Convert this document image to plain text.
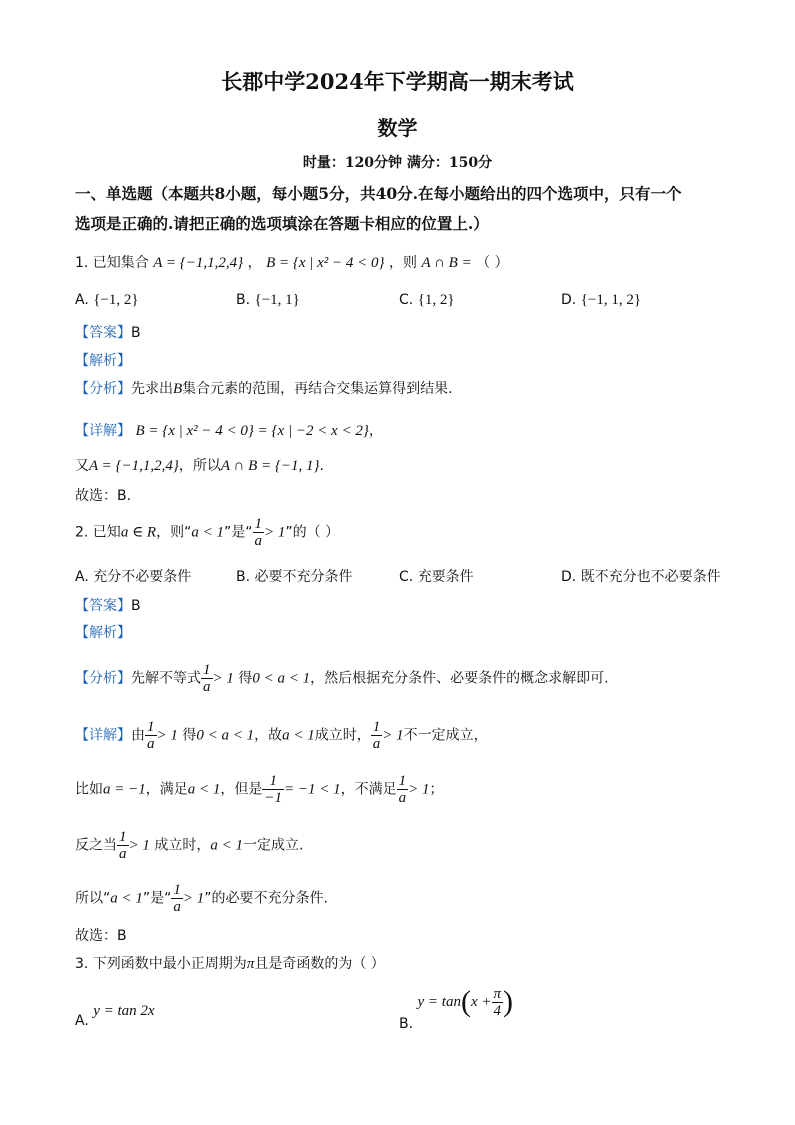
长郡中学2024年下学期高一期末考试
数学
时量：120分钟 满分：150分
一、单选题（本题共8小题，每小题5分，共40分.在每小题给出的四个选项中，只有一个
选项是正确的.请把正确的选项填涂在答题卡相应的位置上.）
1. 已知集合 A = {−1,1,2,4} ， B = {x | x² − 4 < 0} ，则 A ∩ B = （ ）
A. {−1, 2}	B. {−1, 1}	C. {1, 2}	D. {−1, 1, 2}
【答案】B
【解析】
【分析】先求出B集合元素的范围，再结合交集运算得到结果.
【详解】 B = {x | x² − 4 < 0} = {x | −2 < x < 2}，
又A = {−1,1,2,4}，所以A ∩ B = {−1, 1}.
故选：B.
2. 已知a ∈ R，则“a < 1”是“ $\frac{1}{a} > 1$”的（ ）
A. 充分不必要条件	B. 必要不充分条件	C. 充要条件	D. 既不充分也不必要条件
【答案】B
【解析】
【分析】先解不等式 $\frac{1}{a} > 1$ 得0 < a < 1，然后根据充分条件、必要条件的概念求解即可.
【详解】由 $\frac{1}{a} > 1$ 得0 < a < 1，故a < 1成立时， $\frac{1}{a} > 1$不一定成立，
比如a = −1，满足a < 1，但是 $\frac{1}{-1} = -1 < 1$，不满足 $\frac{1}{a} > 1$；
反之当 $\frac{1}{a} > 1$ 成立时，a < 1一定成立.
所以“a < 1”是“ $\frac{1}{a} > 1$”的必要不充分条件.
故选：B
3. 下列函数中最小正周期为π且是奇函数的为（ ）
A. y = tan 2x
B. $y = \tan(x + \frac{\pi}{4}$ )
